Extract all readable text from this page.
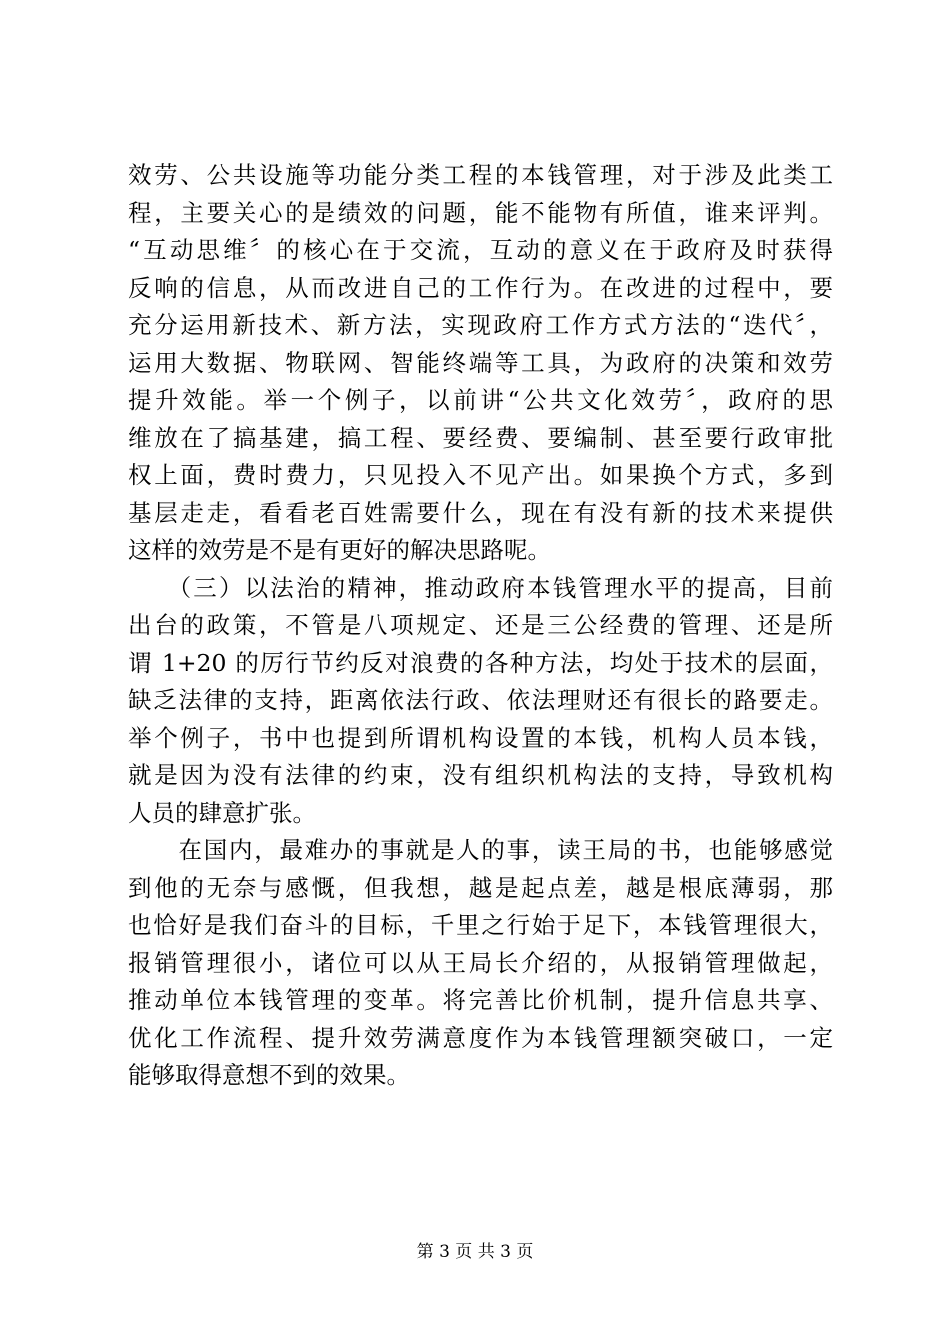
效劳、公共设施等功能分类工程的本钱管理，对于涉及此类工
程，主要关心的是绩效的问题，能不能物有所值，谁来评判。
“互动思维〞的核心在于交流，互动的意义在于政府及时获得
反响的信息，从而改进自己的工作行为。在改进的过程中，要
充分运用新技术、新方法，实现政府工作方式方法的“迭代〞，
运用大数据、物联网、智能终端等工具，为政府的决策和效劳
提升效能。举一个例子，以前讲“公共文化效劳〞，政府的思
维放在了搞基建，搞工程、要经费、要编制、甚至要行政审批
权上面，费时费力，只见投入不见产出。如果换个方式，多到
基层走走，看看老百姓需要什么，现在有没有新的技术来提供
这样的效劳是不是有更好的解决思路呢。
　　（三）以法治的精神，推动政府本钱管理水平的提高，目前
出台的政策，不管是八项规定、还是三公经费的管理、还是所
谓 1+20 的厉行节约反对浪费的各种方法，均处于技术的层面，
缺乏法律的支持，距离依法行政、依法理财还有很长的路要走。
举个例子，书中也提到所谓机构设置的本钱，机构人员本钱，
就是因为没有法律的约束，没有组织机构法的支持，导致机构
人员的肆意扩张。
　　在国内，最难办的事就是人的事，读王局的书，也能够感觉
到他的无奈与感慨，但我想，越是起点差，越是根底薄弱，那
也恰好是我们奋斗的目标，千里之行始于足下，本钱管理很大，
报销管理很小，诸位可以从王局长介绍的，从报销管理做起，
推动单位本钱管理的变革。将完善比价机制，提升信息共享、
优化工作流程、提升效劳满意度作为本钱管理额突破口，一定
能够取得意想不到的效果。
第 3 页 共 3 页
